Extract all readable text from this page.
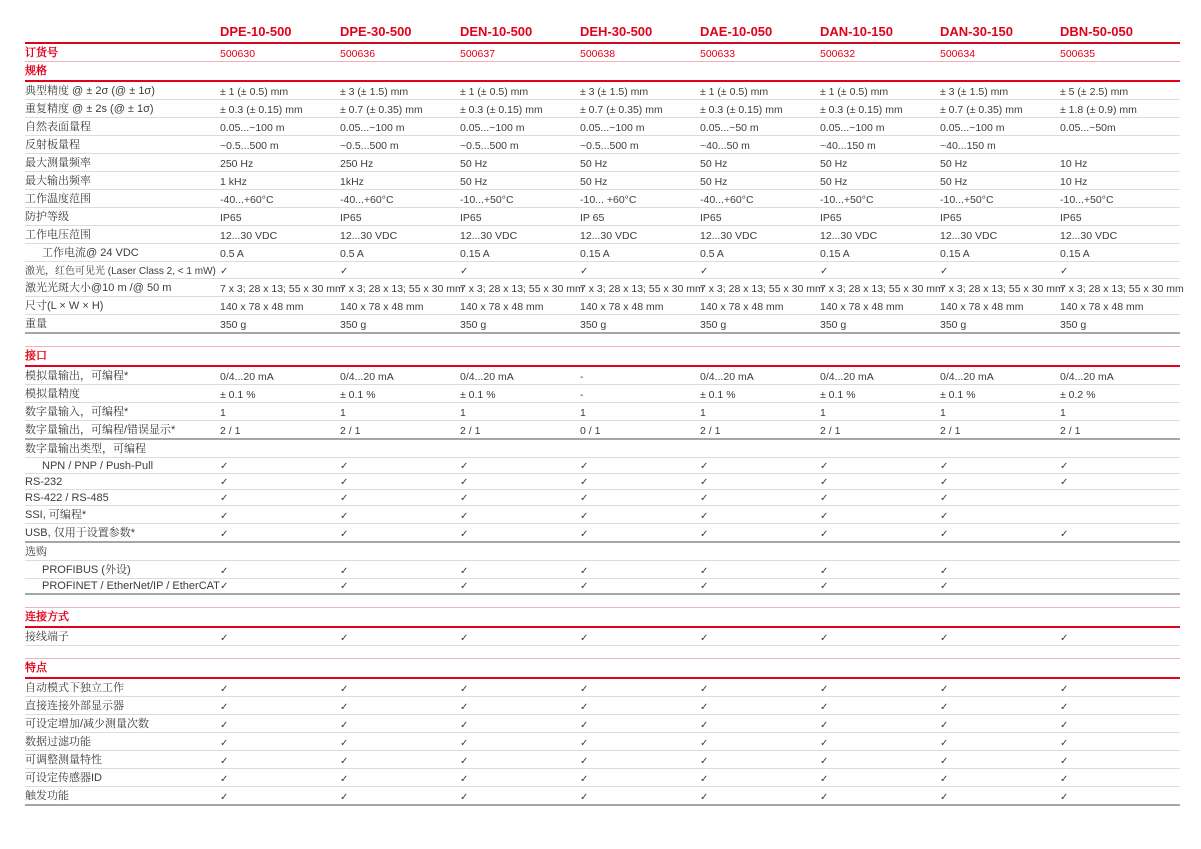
	DPE-10-500	DPE-30-500	DEN-10-500	DEH-30-500	DAE-10-050	DAN-10-150	DAN-30-150	DBN-50-050
订货号	500630	500636	500637	500638	500633	500632	500634	500635
规格								
典型精度 @ ± 2σ (@ ± 1σ)	± 1 (± 0.5) mm	± 3 (± 1.5) mm	± 1 (± 0.5) mm	± 3 (± 1.5) mm	± 1 (± 0.5) mm	± 1 (± 0.5) mm	± 3 (± 1.5) mm	± 5 (± 2.5) mm
重复精度 @ ± 2s (@ ± 1σ)	± 0.3 (± 0.15) mm	± 0.7 (± 0.35) mm	± 0.3 (± 0.15) mm	± 0.7 (± 0.35) mm	± 0.3 (± 0.15) mm	± 0.3 (± 0.15) mm	± 0.7 (± 0.35) mm	± 1.8 (± 0.9) mm
自然表面量程	0.05...~100 m	0.05...~100 m	0.05...~100 m	0.05...~100 m	0.05...~50 m	0.05...~100 m	0.05...~100 m	0.05...~50m
反射板量程	~0.5...500 m	~0.5...500 m	~0.5...500 m	~0.5...500 m	~40...50 m	~40...150 m	~40...150 m	
最大测量频率	250 Hz	250 Hz	50 Hz	50 Hz	50 Hz	50 Hz	50 Hz	10 Hz
最大输出频率	1 kHz	1kHz	50 Hz	50 Hz	50 Hz	50 Hz	50 Hz	10 Hz
工作温度范围	-40...+60°C	-40...+60°C	-10...+50°C	-10... +60°C	-40...+60°C	-10...+50°C	-10...+50°C	-10...+50°C
防护等级	IP65	IP65	IP65	IP 65	IP65	IP65	IP65	IP65
工作电压范围	12...30 VDC	12...30 VDC	12...30 VDC	12...30 VDC	12...30 VDC	12...30 VDC	12...30 VDC	12...30 VDC
工作电流@ 24 VDC	0.5 A	0.5 A	0.15 A	0.15 A	0.5 A	0.15 A	0.15 A	0.15 A
激光，红色可见光 (Laser Class 2, < 1 mW)	✓	✓	✓	✓	✓	✓	✓	✓
激光光斑大小@10 m /@ 50 m	7 x 3; 28 x 13; 55 x 30 mm	7 x 3; 28 x 13; 55 x 30 mm	7 x 3; 28 x 13; 55 x 30 mm	7 x 3; 28 x 13; 55 x 30 mm	7 x 3; 28 x 13; 55 x 30 mm	7 x 3; 28 x 13; 55 x 30 mm	7 x 3; 28 x 13; 55 x 30 mm	7 x 3; 28 x 13; 55 x 30 mm
尺寸(L × W × H)	140 x 78 x 48 mm	140 x 78 x 48 mm	140 x 78 x 48 mm	140 x 78 x 48 mm	140 x 78 x 48 mm	140 x 78 x 48 mm	140 x 78 x 48 mm	140 x 78 x 48 mm
重量	350 g	350 g	350 g	350 g	350 g	350 g	350 g	350 g

接口								
模拟量输出，可编程*	0/4...20 mA	0/4...20 mA	0/4...20 mA	-	0/4...20 mA	0/4...20 mA	0/4...20 mA	0/4...20 mA
模拟量精度	± 0.1 %	± 0.1 %	± 0.1 %	-	± 0.1 %	± 0.1 %	± 0.1 %	± 0.2 %
数字量输入，可编程*	1	1	1	1	1	1	1	1
数字量输出，可编程/错误显示*	2 / 1	2 / 1	2 / 1	0 / 1	2 / 1	2 / 1	2 / 1	2 / 1
数字量输出类型，可编程								
NPN / PNP / Push-Pull	✓	✓	✓	✓	✓	✓	✓	✓
RS-232	✓	✓	✓	✓	✓	✓	✓	✓
RS-422 / RS-485	✓	✓	✓	✓	✓	✓	✓	
SSI, 可编程*	✓	✓	✓	✓	✓	✓	✓	
USB, 仅用于设置参数*	✓	✓	✓	✓	✓	✓	✓	✓
选购								
PROFIBUS (外设)	✓	✓	✓	✓	✓	✓	✓	
PROFINET / EtherNet/IP / EtherCAT	✓	✓	✓	✓	✓	✓	✓	

连接方式								
接线端子	✓	✓	✓	✓	✓	✓	✓	✓

特点								
自动模式下独立工作	✓	✓	✓	✓	✓	✓	✓	✓
直接连接外部显示器	✓	✓	✓	✓	✓	✓	✓	✓
可设定增加/减少测量次数	✓	✓	✓	✓	✓	✓	✓	✓
数据过滤功能	✓	✓	✓	✓	✓	✓	✓	✓
可调整测量特性	✓	✓	✓	✓	✓	✓	✓	✓
可设定传感器ID	✓	✓	✓	✓	✓	✓	✓	✓
触发功能	✓	✓	✓	✓	✓	✓	✓	✓
